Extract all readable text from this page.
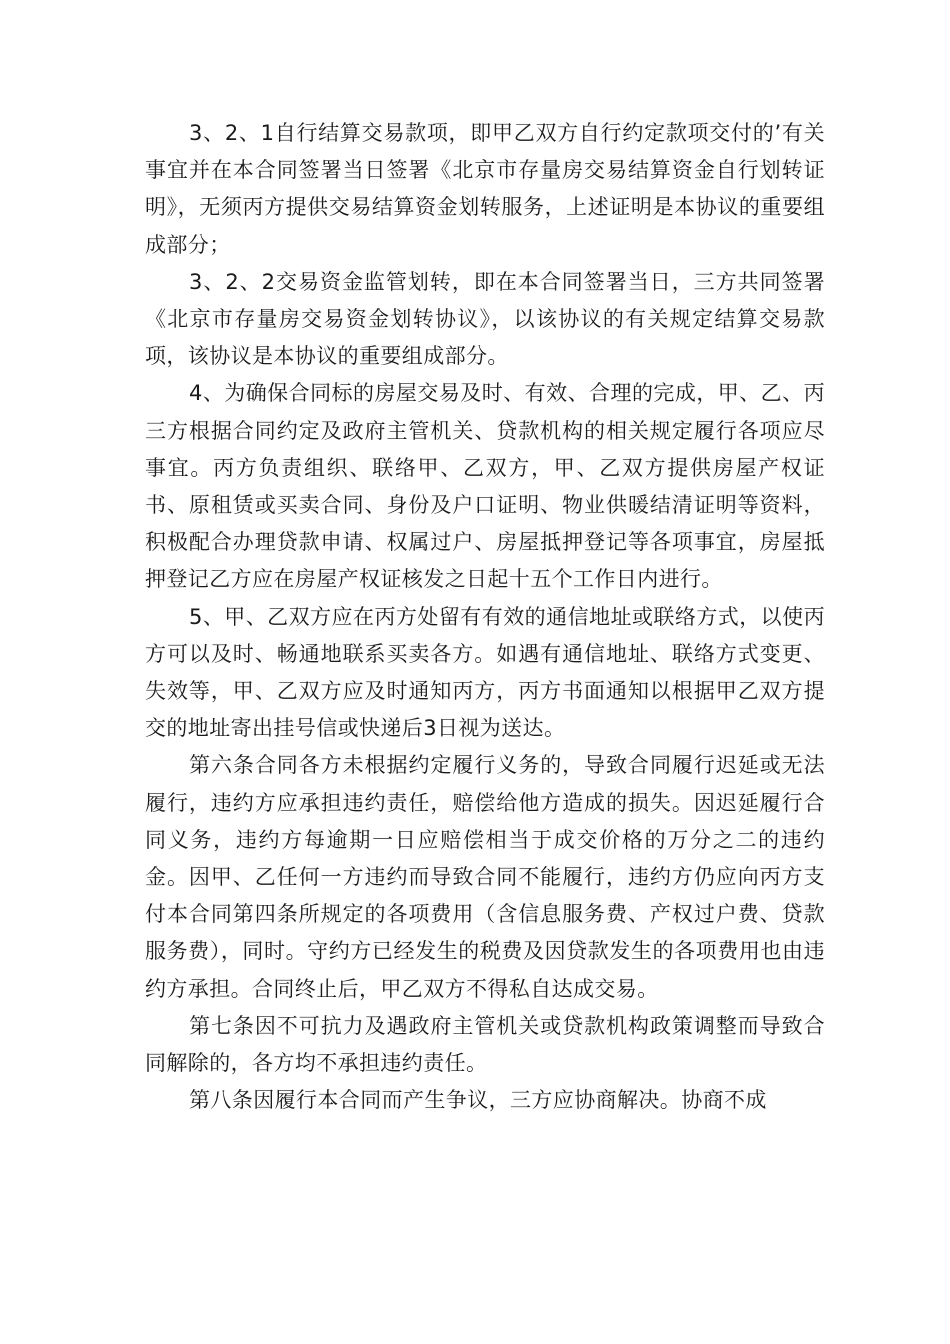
3、2、1自行结算交易款项，即甲乙双方自行约定款项交付的’有关事宜并在本合同签署当日签署《北京市存量房交易结算资金自行划转证明》，无须丙方提供交易结算资金划转服务，上述证明是本协议的重要组成部分；

3、2、2交易资金监管划转，即在本合同签署当日，三方共同签署《北京市存量房交易资金划转协议》，以该协议的有关规定结算交易款项，该协议是本协议的重要组成部分。

4、为确保合同标的房屋交易及时、有效、合理的完成，甲、乙、丙三方根据合同约定及政府主管机关、贷款机构的相关规定履行各项应尽事宜。丙方负责组织、联络甲、乙双方，甲、乙双方提供房屋产权证书、原租赁或买卖合同、身份及户口证明、物业供暖结清证明等资料，积极配合办理贷款申请、权属过户、房屋抵押登记等各项事宜，房屋抵押登记乙方应在房屋产权证核发之日起十五个工作日内进行。

5、甲、乙双方应在丙方处留有有效的通信地址或联络方式，以使丙方可以及时、畅通地联系买卖各方。如遇有通信地址、联络方式变更、失效等，甲、乙双方应及时通知丙方，丙方书面通知以根据甲乙双方提交的地址寄出挂号信或快递后3日视为送达。

第六条合同各方未根据约定履行义务的，导致合同履行迟延或无法履行，违约方应承担违约责任，赔偿给他方造成的损失。因迟延履行合同义务，违约方每逾期一日应赔偿相当于成交价格的万分之二的违约金。因甲、乙任何一方违约而导致合同不能履行，违约方仍应向丙方支付本合同第四条所规定的各项费用（含信息服务费、产权过户费、贷款服务费），同时。守约方已经发生的税费及因贷款发生的各项费用也由违约方承担。合同终止后，甲乙双方不得私自达成交易。

第七条因不可抗力及遇政府主管机关或贷款机构政策调整而导致合同解除的，各方均不承担违约责任。

第八条因履行本合同而产生争议，三方应协商解决。协商不成
